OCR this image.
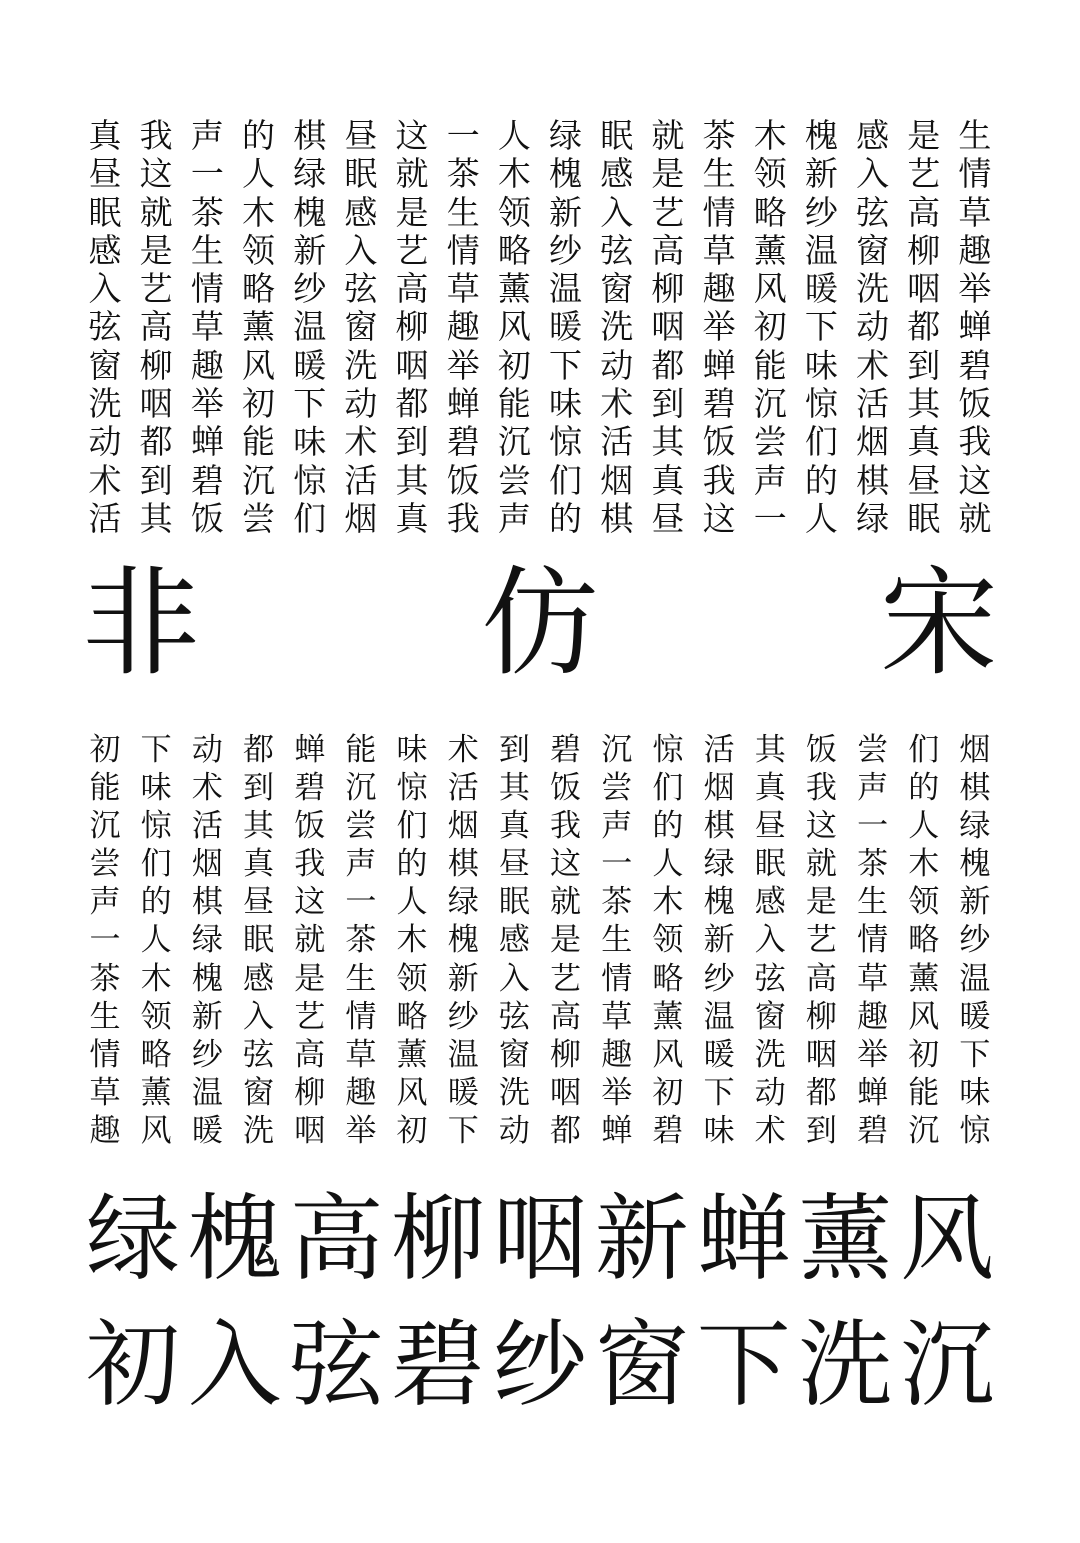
真 我 声 的 棋 昼 这 一 人 绿 眠 就 茶 木 槐 感 是 生
昼 这 一 人 绿 眠 就 茶 木 槐 感 是 生 领 新 入 艺 情
眠 就 茶 木 槐 感 是 生 领 新 入 艺 情 略 纱 弦 高 草
感 是 生 领 新 入 艺 情 略 纱 弦 高 草 薰 温 窗 柳 趣
入 艺 情 略 纱 弦 高 草 薰 温 窗 柳 趣 风 暖 洗 咽 举
弦 高 草 薰 温 窗 柳 趣 风 暖 洗 咽 举 初 下 动 都 蝉
窗 柳 趣 风 暖 洗 咽 举 初 下 动 都 蝉 能 味 术 到 碧
洗 咽 举 初 下 动 都 蝉 能 味 术 到 碧 沉 惊 活 其 饭
动 都 蝉 能 味 术 到 碧 沉 惊 活 其 饭 尝 们 烟 真 我
术 到 碧 沉 惊 活 其 饭 尝 们 烟 真 我 声 的 棋 昼 这
活 其 饭 尝 们 烟 真 我 声 的 棋 昼 这 一 人 绿 眠 就
非 仿 宋
初 下 动 都 蝉 能 味 术 到 碧 沉 惊 活 其 饭 尝 们 烟
能 味 术 到 碧 沉 惊 活 其 饭 尝 们 烟 真 我 声 的 棋
沉 惊 活 其 饭 尝 们 烟 真 我 声 的 棋 昼 这 一 人 绿
尝 们 烟 真 我 声 的 棋 昼 这 一 人 绿 眠 就 茶 木 槐
声 的 棋 昼 这 一 人 绿 眠 就 茶 木 槐 感 是 生 领 新
一 人 绿 眠 就 茶 木 槐 感 是 生 领 新 入 艺 情 略 纱
茶 木 槐 感 是 生 领 新 入 艺 情 略 纱 弦 高 草 薰 温
生 领 新 入 艺 情 略 纱 弦 高 草 薰 温 窗 柳 趣 风 暖
情 略 纱 弦 高 草 薰 温 窗 柳 趣 风 暖 洗 咽 举 初 下
草 薰 温 窗 柳 趣 风 暖 洗 咽 举 初 下 动 都 蝉 能 味
趣 风 暖 洗 咽 举 初 下 动 都 蝉 碧 味 术 到 碧 沉 惊
绿 槐 高 柳 咽 新 蝉 薰 风
初 入 弦 碧 纱 窗 下 洗 沉
